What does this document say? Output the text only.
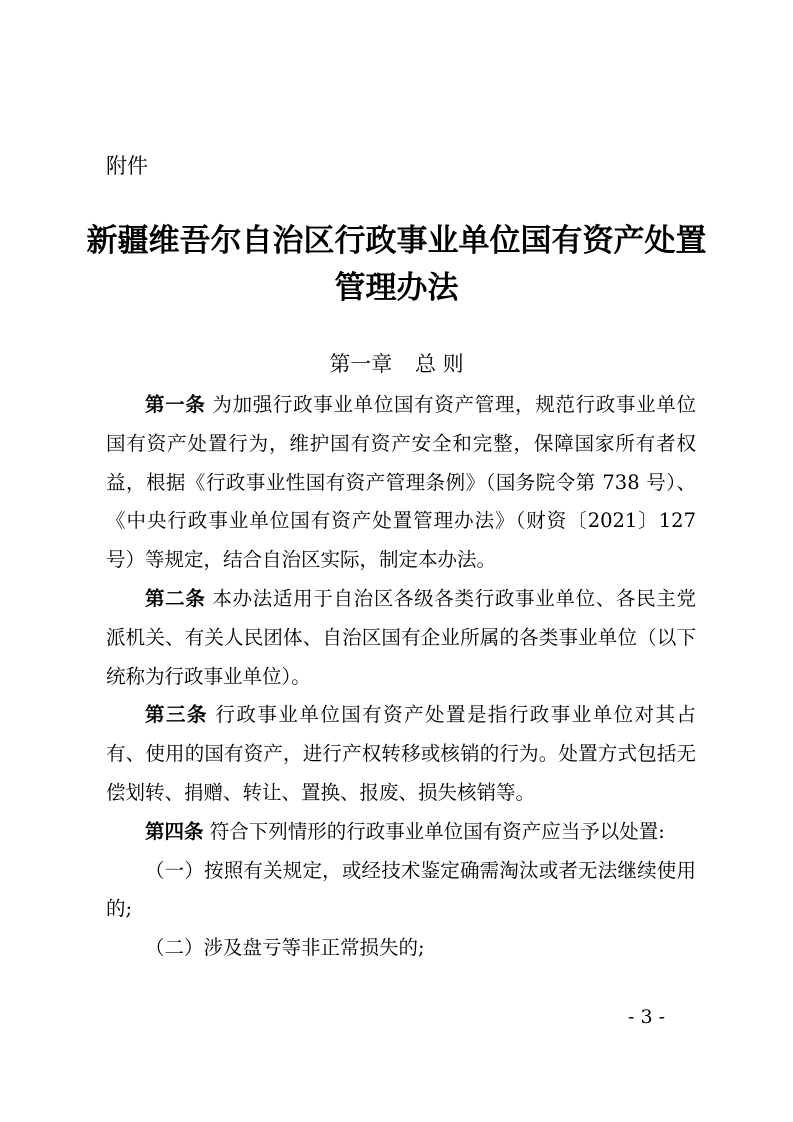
附件
新疆维吾尔自治区行政事业单位国有资产处置
管理办法
第一章 总 则

第一条 为加强行政事业单位国有资产管理，规范行政事业单位国有资产处置行为，维护国有资产安全和完整，保障国家所有者权益，根据《行政事业性国有资产管理条例》（国务院令第 738 号）、《中央行政事业单位国有资产处置管理办法》（财资〔2021〕127号）等规定，结合自治区实际，制定本办法。

第二条 本办法适用于自治区各级各类行政事业单位、各民主党派机关、有关人民团体、自治区国有企业所属的各类事业单位（以下统称为行政事业单位）。

第三条 行政事业单位国有资产处置是指行政事业单位对其占有、使用的国有资产，进行产权转移或核销的行为。处置方式包括无偿划转、捐赠、转让、置换、报废、损失核销等。

第四条 符合下列情形的行政事业单位国有资产应当予以处置:

（一）按照有关规定，或经技术鉴定确需淘汰或者无法继续使用的;

（二）涉及盘亏等非正常损失的;

- 3 -
